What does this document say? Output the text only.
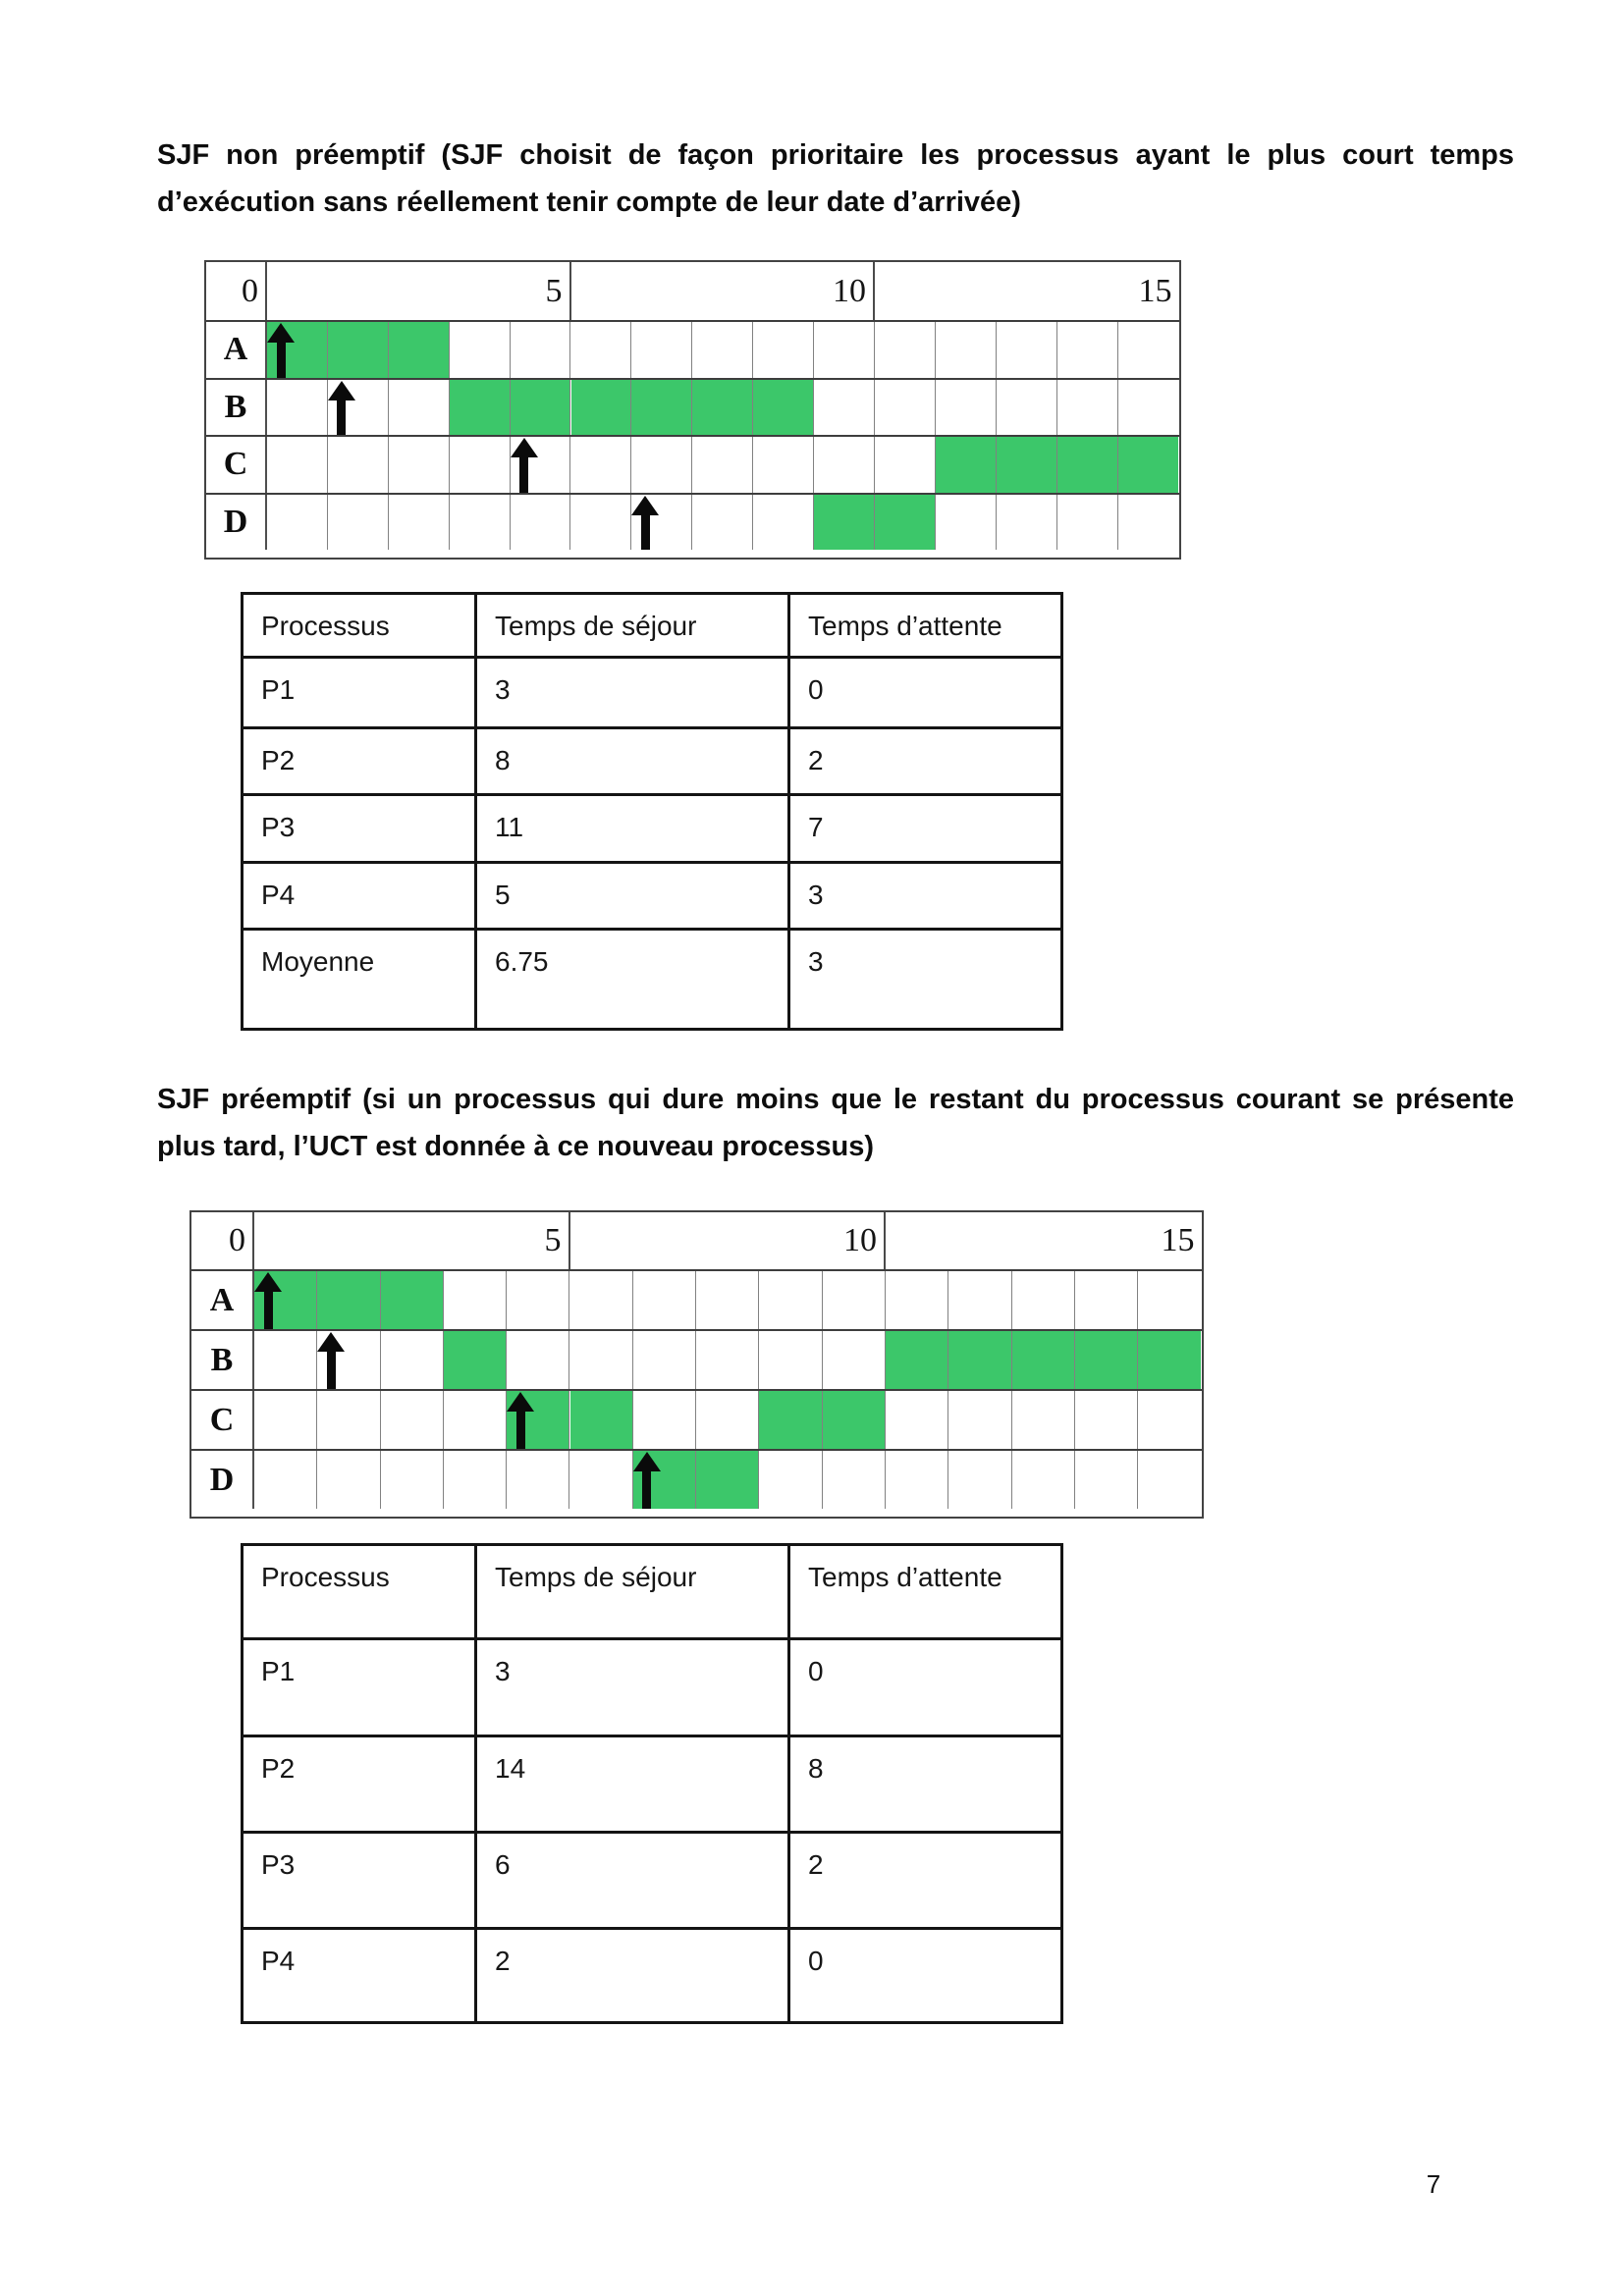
SJF non préemptif (SJF choisit de façon prioritaire les processus ayant le plus court temps d’exécution sans réellement tenir compte de leur date d’arrivée)

0	5	10	15
A
B
C
D
Processus	Temps de séjour	Temps d’attente
P1	3	0
P2	8	2
P3	11	7
P4	5	3
Moyenne	6.75	3

SJF préemptif (si un processus qui dure moins que le restant du processus courant se présente plus tard, l’UCT est donnée à ce nouveau processus)

0	5	10	15
A
B
C
D
Processus	Temps de séjour	Temps d’attente
P1	3	0
P2	14	8
P3	6	2
P4	2	0
7
